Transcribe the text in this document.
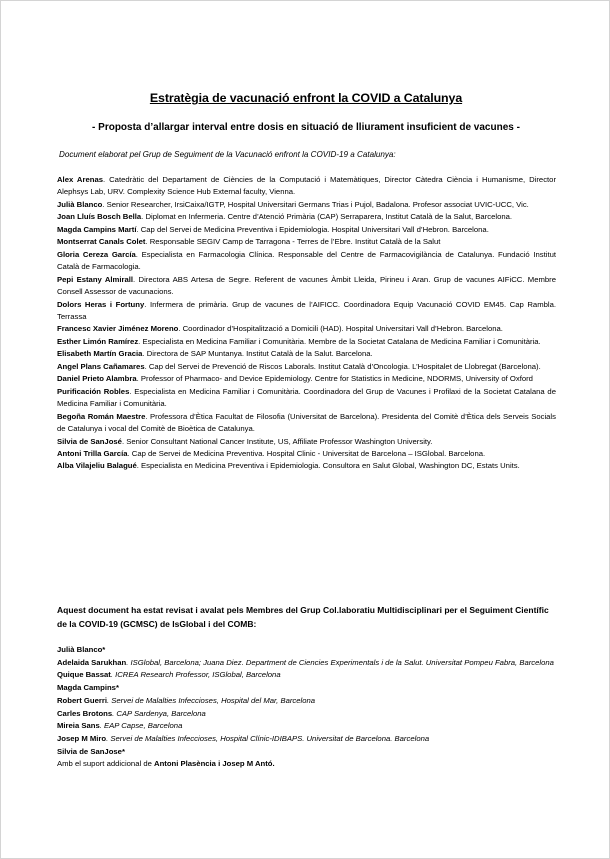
Estratègia de vacunació enfront la COVID a Catalunya
- Proposta d’allargar interval entre dosis en situació de lliurament insuficient de vacunes -
Document elaborat pel Grup de Seguiment de la Vacunació enfront la COVID-19 a Catalunya:

Alex Arenas. Catedràtic del Departament de Ciències de la Computació i Matemàtiques, Director Càtedra Ciència i Humanisme, Director Alephsys Lab, URV. Complexity Science Hub External faculty, Vienna.

Julià Blanco. Senior Researcher, IrsiCaixa/IGTP, Hospital Universitari Germans Trias i Pujol, Badalona. Profesor associat UVIC-UCC, Vic.

Joan Lluís Bosch Bella. Diplomat en Infermeria. Centre d’Atenció Primària (CAP) Serraparera, Institut Català de la Salut, Barcelona.

Magda Campins Martí. Cap del Servei de Medicina Preventiva i Epidemiologia. Hospital Universitari Vall d’Hebron. Barcelona.

Montserrat Canals Colet. Responsable SEGIV Camp de Tarragona - Terres de l’Ebre. Institut Català de la Salut

Gloria Cereza García. Especialista en Farmacologia Clínica. Responsable del Centre de Farmacovigilància de Catalunya. Fundació Institut Català de Farmacologia.

Pepi Estany Almirall. Directora ABS Artesa de Segre. Referent de vacunes Àmbit Lleida, Pirineu i Aran. Grup de vacunes AIFiCC. Membre Consell Assessor de vacunacions.

Dolors Heras i Fortuny. Infermera de primària. Grup de vacunes de l’AIFICC. Coordinadora Equip Vacunació COVID EM45. Cap Rambla. Terrassa

Francesc Xavier Jiménez Moreno. Coordinador d’Hospitalització a Domicili (HAD). Hospital Universitari Vall d’Hebron. Barcelona.

Esther Limón Ramírez. Especialista en Medicina Familiar i Comunitària. Membre de la Societat Catalana de Medicina Familiar i Comunitària.

Elisabeth Martín Gracia. Directora de SAP Muntanya. Institut Català de la Salut. Barcelona.

Angel Plans Cañamares. Cap del Servei de Prevenció de Riscos Laborals. Institut Català d’Oncologia. L’Hospitalet de Llobregat (Barcelona).

Daniel Prieto Alambra. Professor of Pharmaco- and Device Epidemiology. Centre for Statistics in Medicine, NDORMS, University of Oxford

Purificación Robles. Especialista en Medicina Familiar i Comunitària. Coordinadora del Grup de Vacunes i Profilaxi de la Societat Catalana de Medicina Familiar i Comunitària.

Begoña Román Maestre. Professora d’Ètica Facultat de Filosofia (Universitat de Barcelona). Presidenta del Comitè d’Ètica dels Serveis Socials de Catalunya i vocal del Comitè de Bioètica de Catalunya.

Silvia de SanJosé. Senior Consultant National Cancer Institute, US, Affiliate Professor Washington University.

Antoni Trilla García. Cap de Servei de Medicina Preventiva. Hospital Clinic - Universitat de Barcelona – ISGlobal. Barcelona.

Alba Vilajeliu Balagué. Especialista en Medicina Preventiva i Epidemiologia. Consultora en Salut Global, Washington DC, Estats Units.

Aquest document ha estat revisat i avalat pels Membres del Grup Col.laboratiu Multidisciplinari per el Seguiment Científic de la COVID-19 (GCMSC) de IsGlobal i del COMB:

Julià Blanco*

Adelaida Sarukhan. ISGlobal, Barcelona; Juana Diez. Department de Ciencies Experimentals i de la Salut. Universitat Pompeu Fabra, Barcelona

Quique Bassat. ICREA Research Professor, ISGlobal, Barcelona

Magda Campins*

Robert Guerri. Servei de Malalties Infeccioses, Hospital del Mar, Barcelona

Carles Brotons. CAP Sardenya, Barcelona

Mireia Sans. EAP Capse, Barcelona

Josep M Miro. Servei de Malalties Infeccioses, Hospital Clínic-IDIBAPS. Universitat de Barcelona. Barcelona

Silvia de SanJose*

Amb el suport addicional de Antoni Plasència i Josep M Antó.
